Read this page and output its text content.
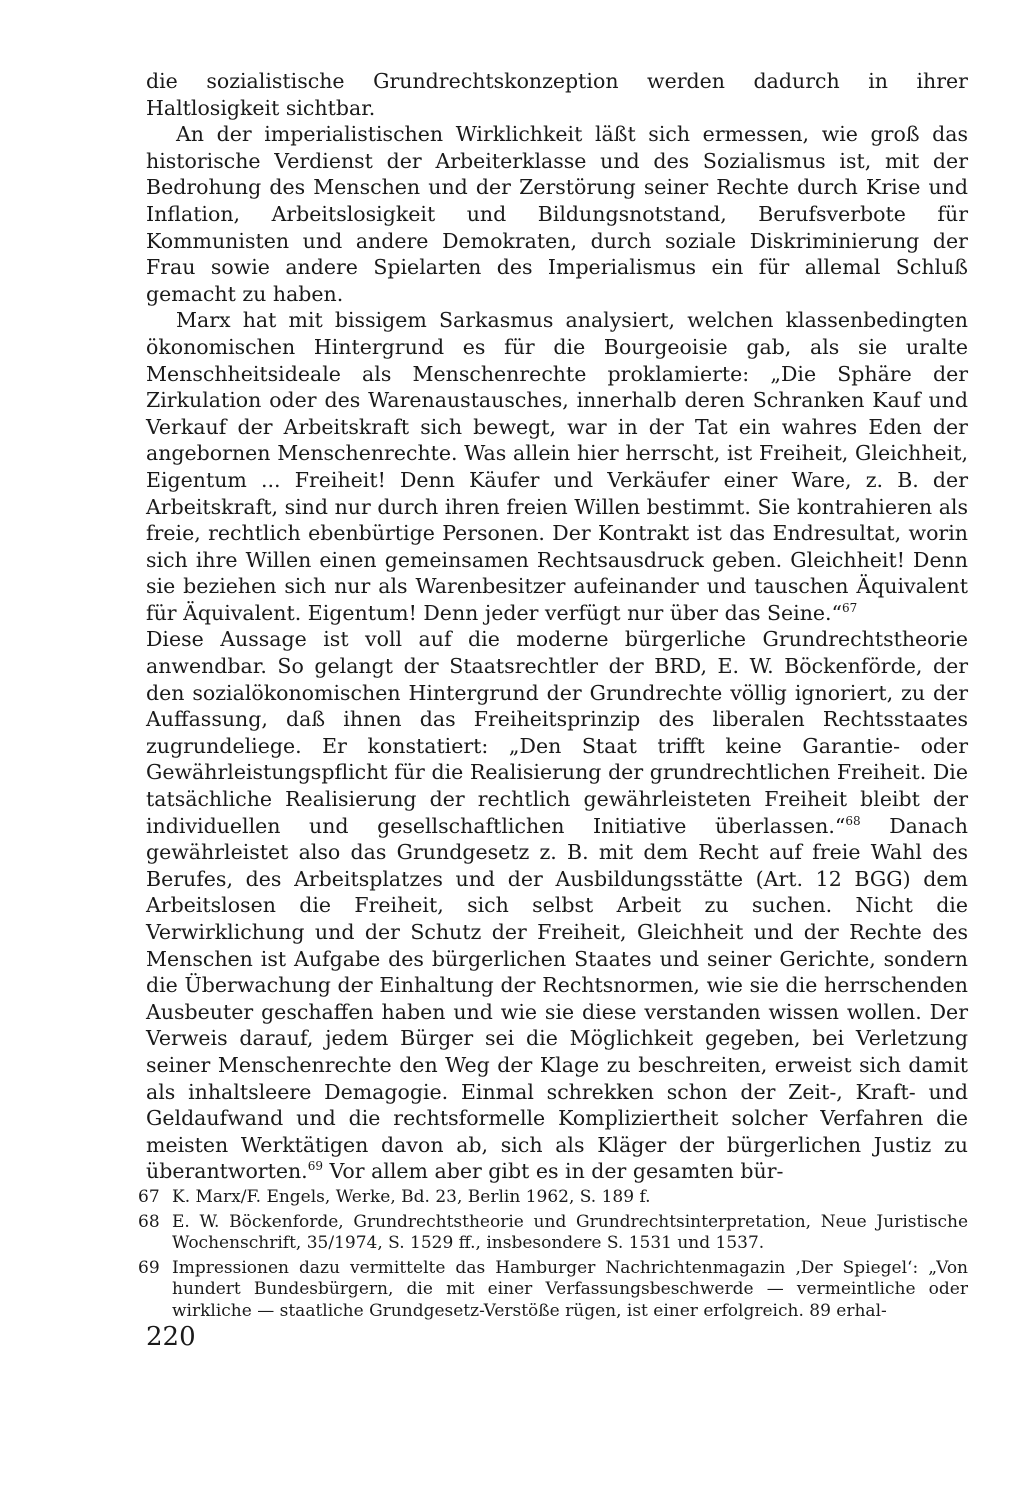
die sozialistische Grundrechtskonzeption werden dadurch in ihrer Haltlosigkeit sichtbar.

An der imperialistischen Wirklichkeit läßt sich ermessen, wie groß das historische Verdienst der Arbeiterklasse und des Sozialismus ist, mit der Bedrohung des Menschen und der Zerstörung seiner Rechte durch Krise und Inflation, Arbeitslosigkeit und Bildungsnotstand, Berufsverbote für Kommunisten und andere Demokraten, durch soziale Diskriminierung der Frau sowie andere Spielarten des Imperialismus ein für allemal Schluß gemacht zu haben.

Marx hat mit bissigem Sarkasmus analysiert, welchen klassenbedingten ökonomischen Hintergrund es für die Bourgeoisie gab, als sie uralte Menschheitsideale als Menschenrechte proklamierte: „Die Sphäre der Zirkulation oder des Warenaustausches, innerhalb deren Schranken Kauf und Verkauf der Arbeitskraft sich bewegt, war in der Tat ein wahres Eden der angebornen Menschenrechte. Was allein hier herrscht, ist Freiheit, Gleichheit, Eigentum ... Freiheit! Denn Käufer und Verkäufer einer Ware, z. B. der Arbeitskraft, sind nur durch ihren freien Willen bestimmt. Sie kontrahieren als freie, rechtlich ebenbürtige Personen. Der Kontrakt ist das Endresultat, worin sich ihre Willen einen gemeinsamen Rechtsausdruck geben. Gleichheit! Denn sie beziehen sich nur als Warenbesitzer aufeinander und tauschen Äquivalent für Äquivalent. Eigentum! Denn jeder verfügt nur über das Seine.“$^{67}$

Diese Aussage ist voll auf die moderne bürgerliche Grundrechtstheorie anwendbar. So gelangt der Staatsrechtler der BRD, E. W. Böckenförde, der den sozialökonomischen Hintergrund der Grundrechte völlig ignoriert, zu der Auffassung, daß ihnen das Freiheitsprinzip des liberalen Rechtsstaates zugrundeliege. Er konstatiert: „Den Staat trifft keine Garantie- oder Gewährleistungspflicht für die Realisierung der grundrechtlichen Freiheit. Die tatsächliche Realisierung der rechtlich gewährleisteten Freiheit bleibt der individuellen und gesellschaftlichen Initiative überlassen.“$^{68}$ Danach gewährleistet also das Grundgesetz z. B. mit dem Recht auf freie Wahl des Berufes, des Arbeitsplatzes und der Ausbildungsstätte (Art. 12 BGG) dem Arbeitslosen die Freiheit, sich selbst Arbeit zu suchen. Nicht die Verwirklichung und der Schutz der Freiheit, Gleichheit und der Rechte des Menschen ist Aufgabe des bürgerlichen Staates und seiner Gerichte, sondern die Überwachung der Einhaltung der Rechtsnormen, wie sie die herrschenden Ausbeuter geschaffen haben und wie sie diese verstanden wissen wollen. Der Verweis darauf, jedem Bürger sei die Möglichkeit gegeben, bei Verletzung seiner Menschenrechte den Weg der Klage zu beschreiten, erweist sich damit als inhaltsleere Demagogie. Einmal schrekken schon der Zeit-, Kraft- und Geldaufwand und die rechtsformelle Kompliziertheit solcher Verfahren die meisten Werktätigen davon ab, sich als Kläger der bürgerlichen Justiz zu überantworten.$^{69}$ Vor allem aber gibt es in der gesamten bür-

67 K. Marx/F. Engels, Werke, Bd. 23, Berlin 1962, S. 189 f.
68 E. W. Böckenforde, Grundrechtstheorie und Grundrechtsinterpretation, Neue Juristische Wochenschrift, 35/1974, S. 1529 ff., insbesondere S. 1531 und 1537.
69 Impressionen dazu vermittelte das Hamburger Nachrichtenmagazin ‚Der Spiegel‘: „Von hundert Bundesbürgern, die mit einer Verfassungsbeschwerde — vermeintliche oder wirkliche — staatliche Grundgesetz-Verstöße rügen, ist einer erfolgreich. 89 erhal-
220
